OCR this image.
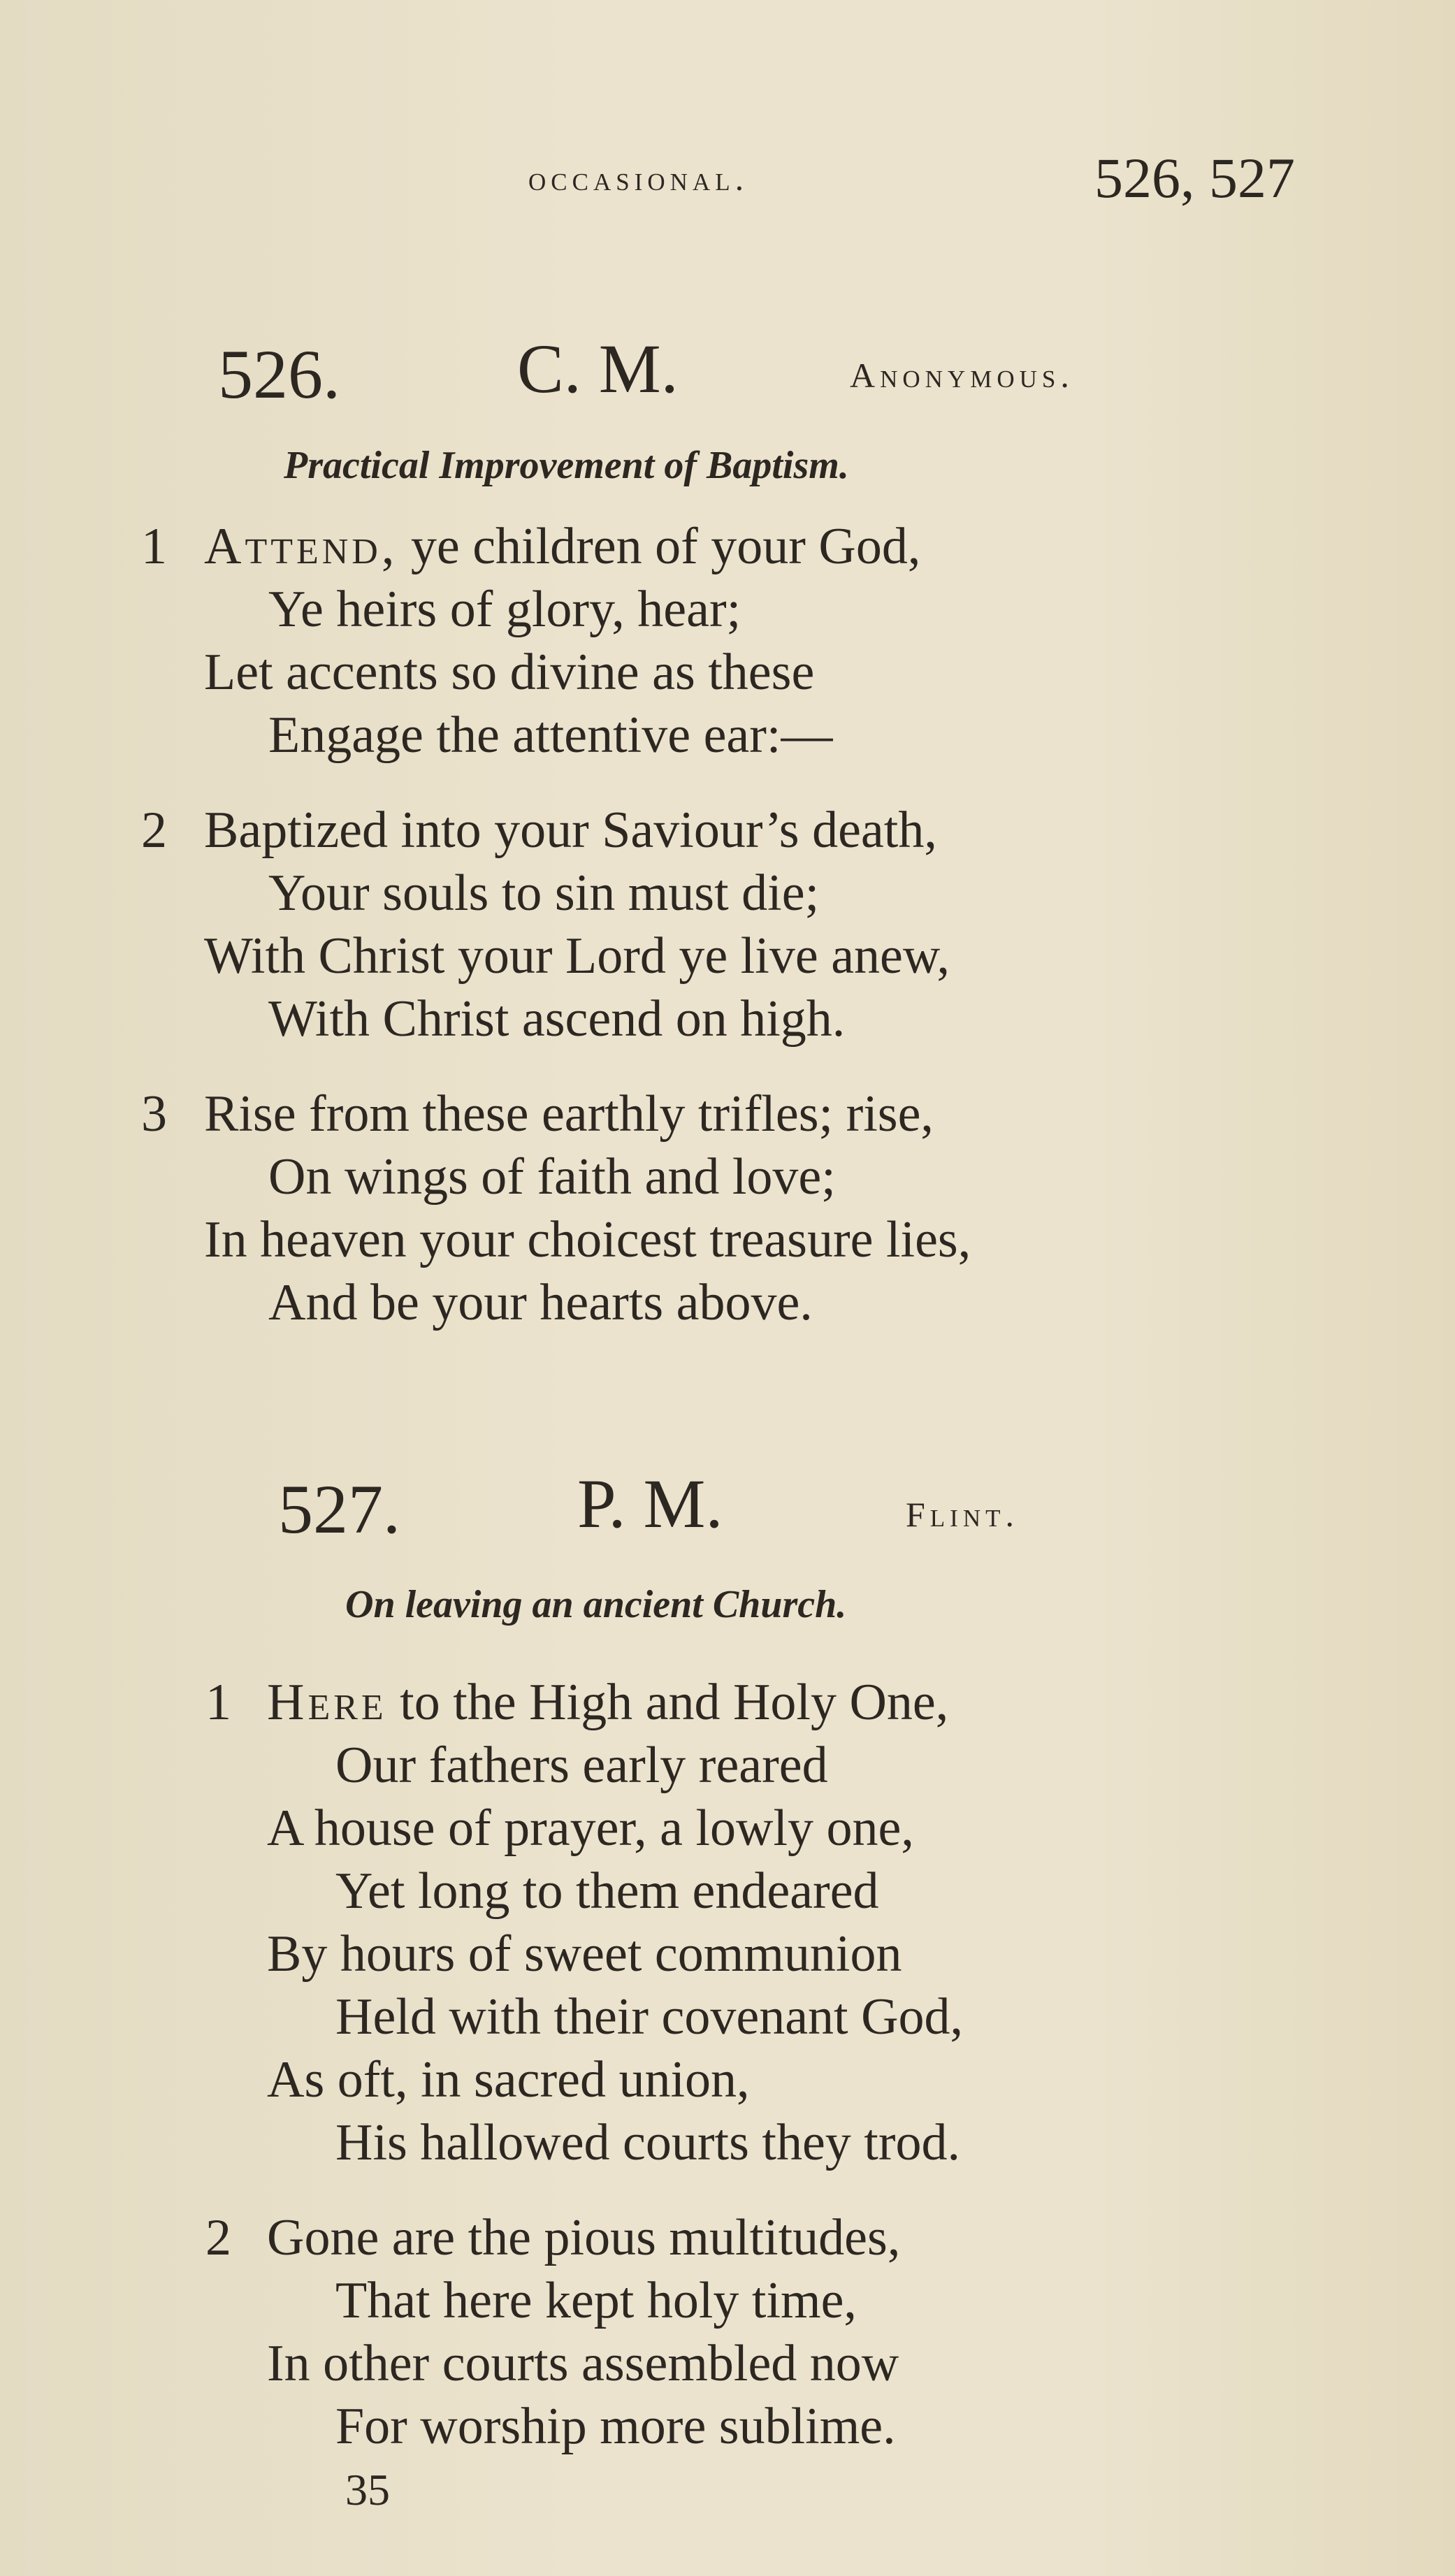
occasional.	526, 527
526.	C. M.	Anonymous.
Practical Improvement of Baptism.
1 Attend, ye children of your God,
Ye heirs of glory, hear;
Let accents so divine as these
Engage the attentive ear:—
2 Baptized into your Saviour’s death,
Your souls to sin must die;
With Christ your Lord ye live anew,
With Christ ascend on high.
3 Rise from these earthly trifles; rise,
On wings of faith and love;
In heaven your choicest treasure lies,
And be your hearts above.
527.	P. M.	Flint.
On leaving an ancient Church.
1 Here to the High and Holy One,
Our fathers early reared
A house of prayer, a lowly one,
Yet long to them endeared
By hours of sweet communion
Held with their covenant God,
As oft, in sacred union,
His hallowed courts they trod.
2 Gone are the pious multitudes,
That here kept holy time,
In other courts assembled now
For worship more sublime.
35
